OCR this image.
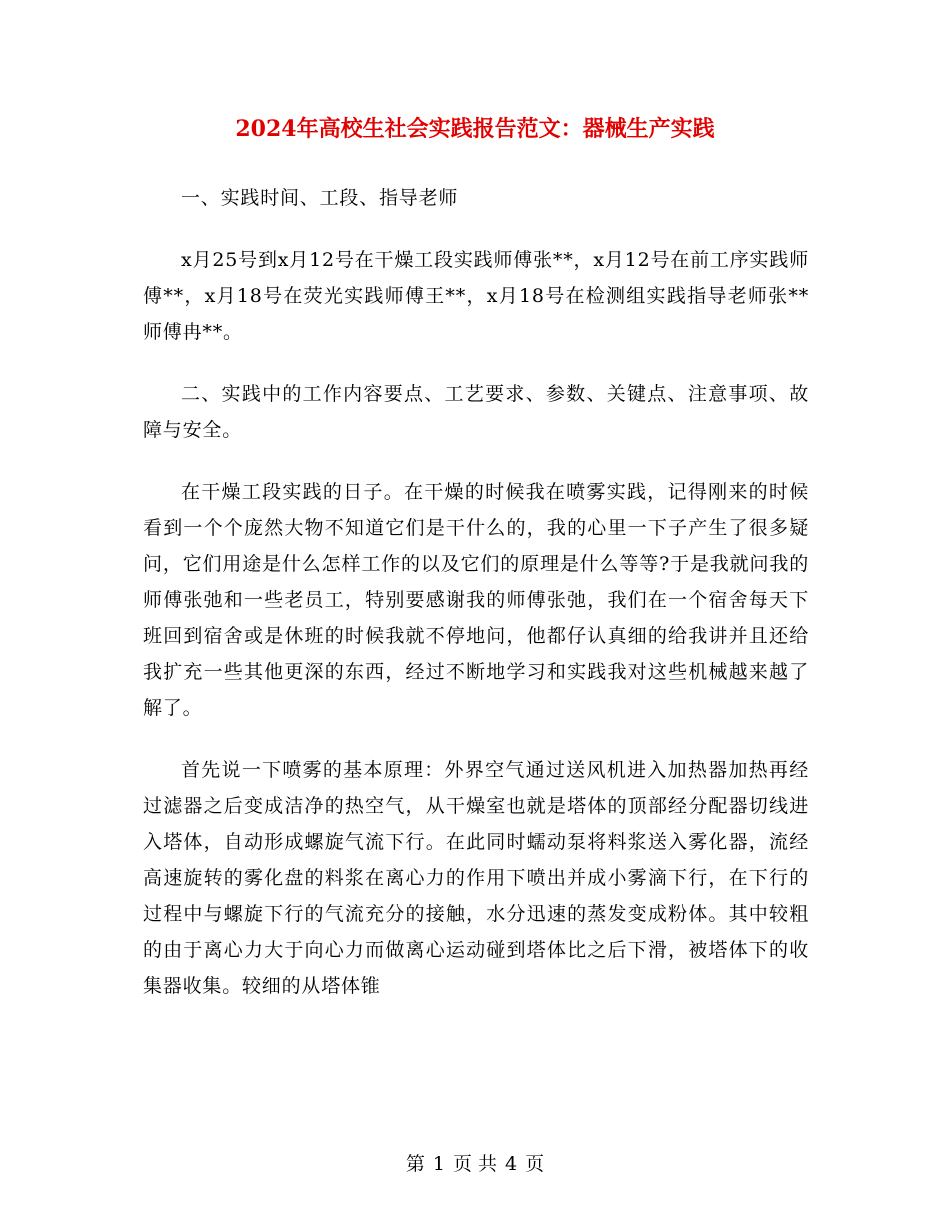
2024年高校生社会实践报告范文：器械生产实践

一、实践时间、工段、指导老师

x月25号到x月12号在干燥工段实践师傅张**，x月12号在前工序实践师傅**，x月18号在荧光实践师傅王**，x月18号在检测组实践指导老师张**师傅冉**。

二、实践中的工作内容要点、工艺要求、参数、关键点、注意事项、故障与安全。

在干燥工段实践的日子。在干燥的时候我在喷雾实践，记得刚来的时候看到一个个庞然大物不知道它们是干什么的，我的心里一下子产生了很多疑问，它们用途是什么怎样工作的以及它们的原理是什么等等?于是我就问我的师傅张弛和一些老员工，特别要感谢我的师傅张弛，我们在一个宿舍每天下班回到宿舍或是休班的时候我就不停地问，他都仔认真细的给我讲并且还给我扩充一些其他更深的东西，经过不断地学习和实践我对这些机械越来越了解了。

首先说一下喷雾的基本原理：外界空气通过送风机进入加热器加热再经过滤器之后变成洁净的热空气，从干燥室也就是塔体的顶部经分配器切线进入塔体，自动形成螺旋气流下行。在此同时蠕动泵将料浆送入雾化器，流经高速旋转的雾化盘的料浆在离心力的作用下喷出并成小雾滴下行，在下行的过程中与螺旋下行的气流充分的接触，水分迅速的蒸发变成粉体。其中较粗的由于离心力大于向心力而做离心运动碰到塔体比之后下滑，被塔体下的收集器收集。较细的从塔体锥

第 1 页 共 4 页
